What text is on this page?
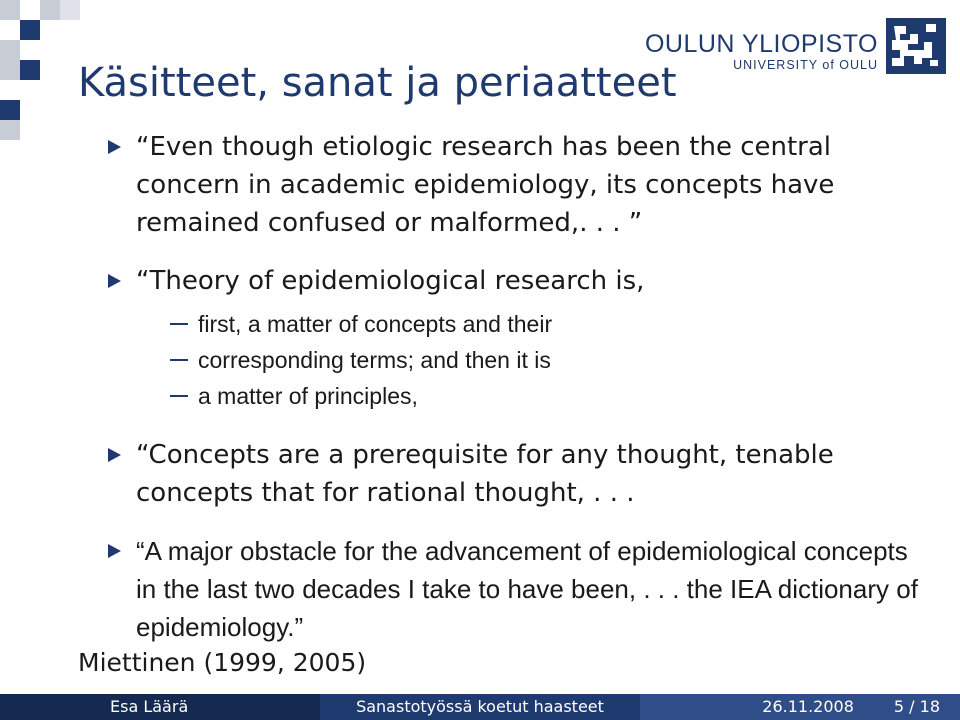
OULUN YLIOPISTO
UNIVERSITY of OULU
Käsitteet, sanat ja periaatteet
“Even though etiologic research has been the central concern in academic epidemiology, its concepts have remained confused or malformed,. . . ”
“Theory of epidemiological research is,
first, a matter of concepts and their
corresponding terms; and then it is
a matter of principles,
“Concepts are a prerequisite for any thought, tenable concepts that for rational thought, . . .
“A major obstacle for the advancement of epidemiological concepts in the last two decades I take to have been, . . . the IEA dictionary of epidemiology.”
Miettinen (1999, 2005)
Esa Läärä	Sanastotyössä koetut haasteet	26.11.2008	5 / 18
